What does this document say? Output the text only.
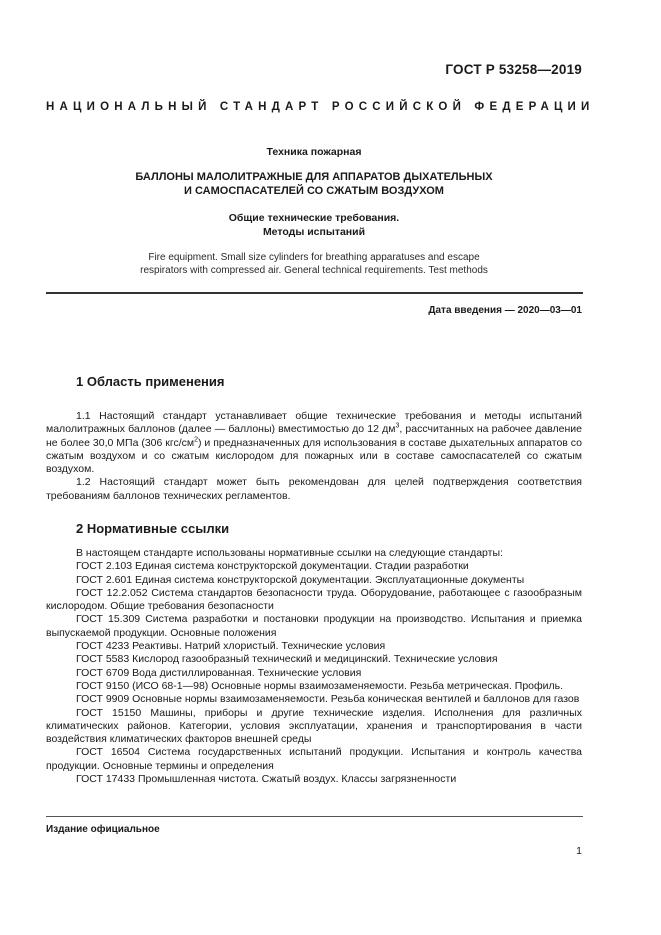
ГОСТ Р 53258—2019
НАЦИОНАЛЬНЫЙ СТАНДАРТ РОССИЙСКОЙ ФЕДЕРАЦИИ
Техника пожарная
БАЛЛОНЫ МАЛОЛИТРАЖНЫЕ ДЛЯ АППАРАТОВ ДЫХАТЕЛЬНЫХ
И САМОСПАСАТЕЛЕЙ СО СЖАТЫМ ВОЗДУХОМ
Общие технические требования.
Методы испытаний
Fire equipment. Small size cylinders for breathing apparatuses and escape
respirators with compressed air. General technical requirements. Test methods
Дата введения — 2020—03—01
1 Область применения

1.1 Настоящий стандарт устанавливает общие технические требования и методы испытаний малолитражных баллонов (далее — баллоны) вместимостью до 12 $дм^3$, рассчитанных на рабочее давление не более 30,0 МПа (306 кгс/$см^2$) и предназначенных для использования в составе дыхательных аппаратов со сжатым воздухом и со сжатым кислородом для пожарных или в составе самоспасателей со сжатым воздухом.

1.2 Настоящий стандарт может быть рекомендован для целей подтверждения соответствия требованиям баллонов технических регламентов.

2 Нормативные ссылки
В настоящем стандарте использованы нормативные ссылки на следующие стандарты:
ГОСТ 2.103 Единая система конструкторской документации. Стадии разработки
ГОСТ 2.601 Единая система конструкторской документации. Эксплуатационные документы
ГОСТ 12.2.052 Система стандартов безопасности труда. Оборудование, работающее с газообразным кислородом. Общие требования безопасности
ГОСТ 15.309 Система разработки и постановки продукции на производство. Испытания и приемка выпускаемой продукции. Основные положения
ГОСТ 4233 Реактивы. Натрий хлористый. Технические условия
ГОСТ 5583 Кислород газообразный технический и медицинский. Технические условия
ГОСТ 6709 Вода дистиллированная. Технические условия
ГОСТ 9150 (ИСО 68-1—98) Основные нормы взаимозаменяемости. Резьба метрическая. Профиль.
ГОСТ 9909 Основные нормы взаимозаменяемости. Резьба коническая вентилей и баллонов для газов
ГОСТ 15150 Машины, приборы и другие технические изделия. Исполнения для различных климатических районов. Категории, условия эксплуатации, хранения и транспортирования в части воздействия климатических факторов внешней среды
ГОСТ 16504 Система государственных испытаний продукции. Испытания и контроль качества продукции. Основные термины и определения
ГОСТ 17433 Промышленная чистота. Сжатый воздух. Классы загрязненности
Издание официальное
1
